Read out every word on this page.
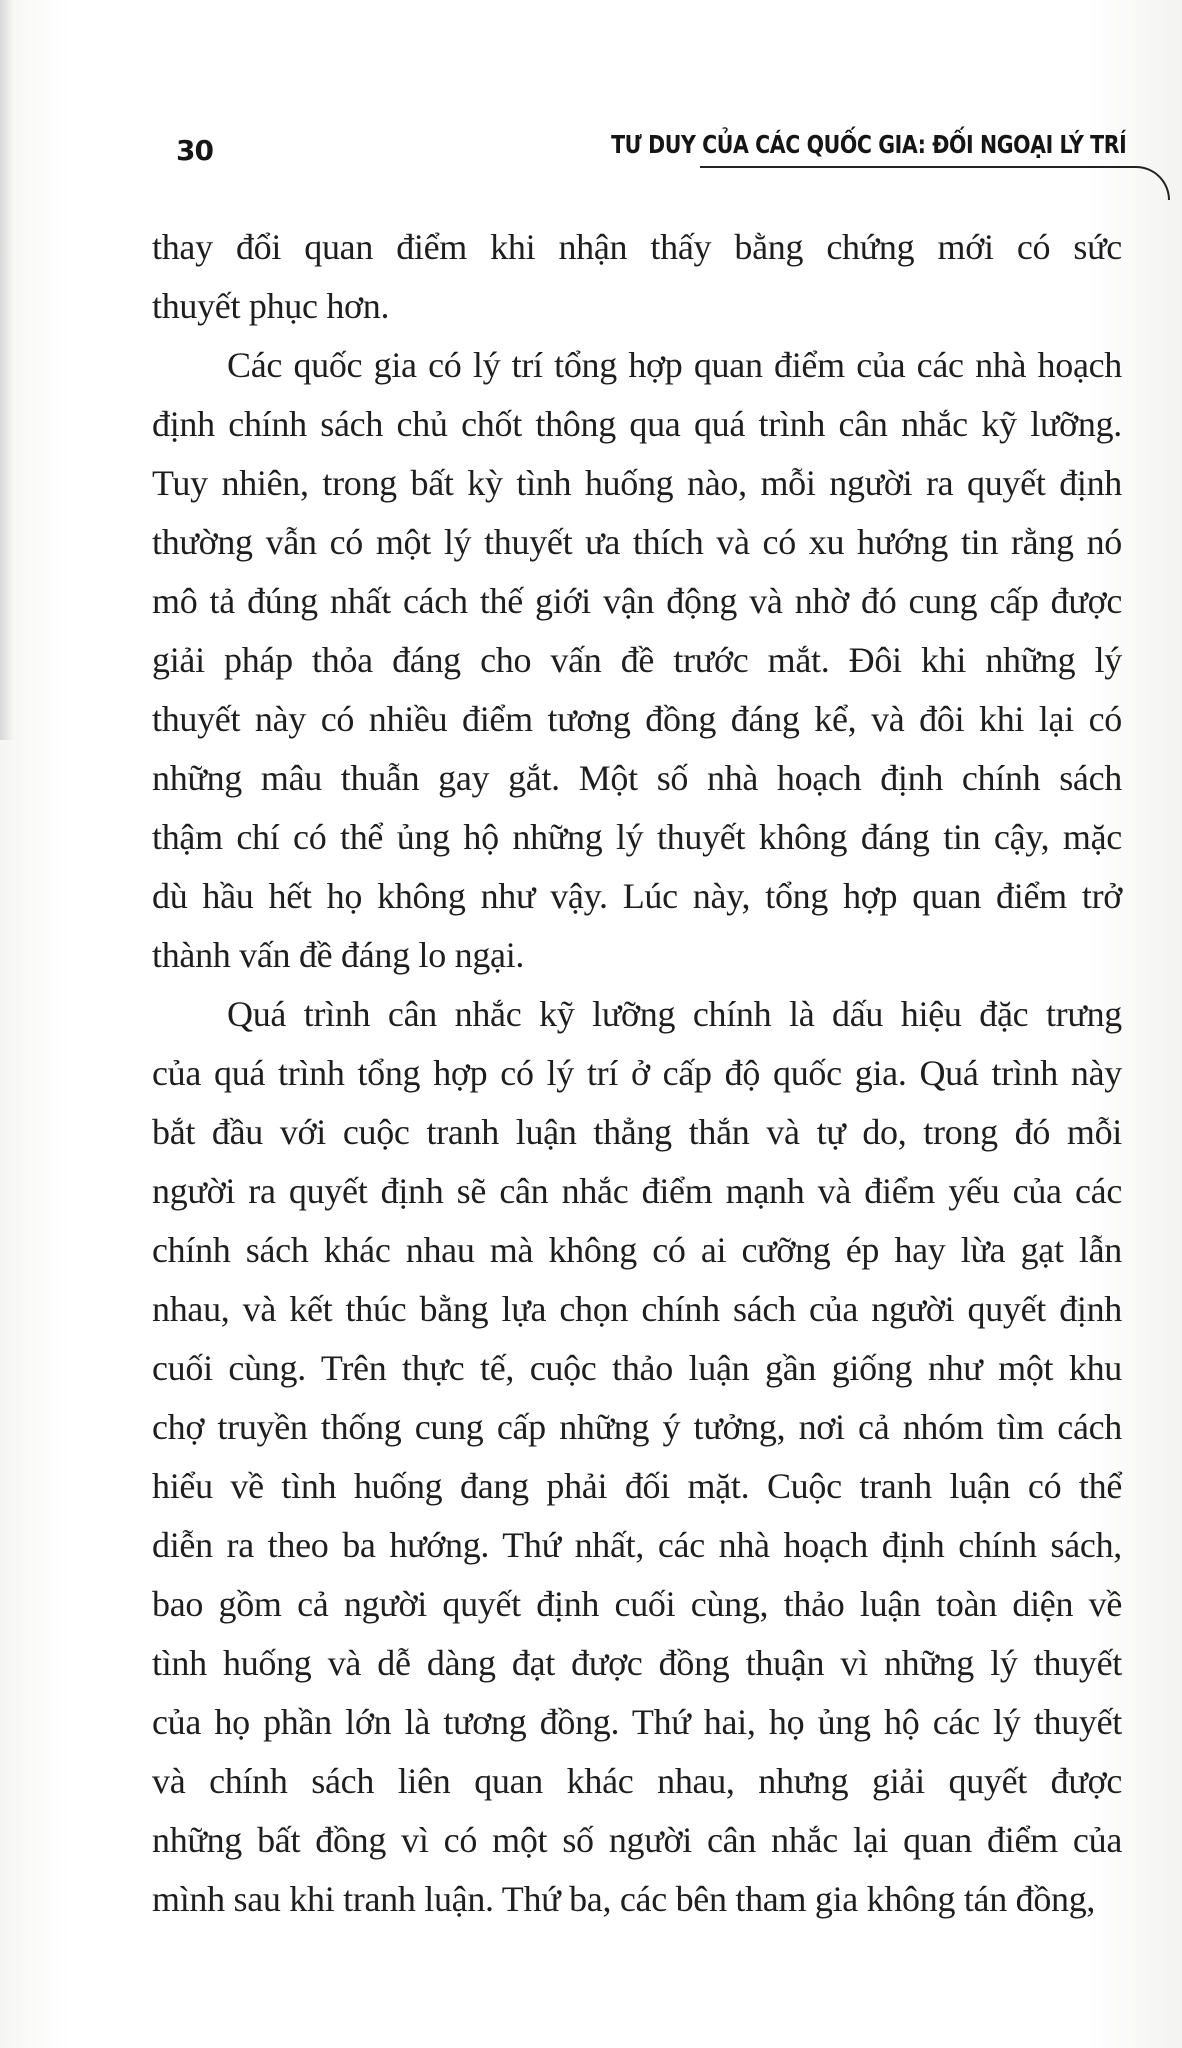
30	TƯ DUY CỦA CÁC QUỐC GIA: ĐỐI NGOẠI LÝ TRÍ
thay đổi quan điểm khi nhận thấy bằng chứng mới có sức
thuyết phục hơn.
Các quốc gia có lý trí tổng hợp quan điểm của các nhà hoạch
định chính sách chủ chốt thông qua quá trình cân nhắc kỹ lưỡng.
Tuy nhiên, trong bất kỳ tình huống nào, mỗi người ra quyết định
thường vẫn có một lý thuyết ưa thích và có xu hướng tin rằng nó
mô tả đúng nhất cách thế giới vận động và nhờ đó cung cấp được
giải pháp thỏa đáng cho vấn đề trước mắt. Đôi khi những lý
thuyết này có nhiều điểm tương đồng đáng kể, và đôi khi lại có
những mâu thuẫn gay gắt. Một số nhà hoạch định chính sách
thậm chí có thể ủng hộ những lý thuyết không đáng tin cậy, mặc
dù hầu hết họ không như vậy. Lúc này, tổng hợp quan điểm trở
thành vấn đề đáng lo ngại.
Quá trình cân nhắc kỹ lưỡng chính là dấu hiệu đặc trưng
của quá trình tổng hợp có lý trí ở cấp độ quốc gia. Quá trình này
bắt đầu với cuộc tranh luận thẳng thắn và tự do, trong đó mỗi
người ra quyết định sẽ cân nhắc điểm mạnh và điểm yếu của các
chính sách khác nhau mà không có ai cưỡng ép hay lừa gạt lẫn
nhau, và kết thúc bằng lựa chọn chính sách của người quyết định
cuối cùng. Trên thực tế, cuộc thảo luận gần giống như một khu
chợ truyền thống cung cấp những ý tưởng, nơi cả nhóm tìm cách
hiểu về tình huống đang phải đối mặt. Cuộc tranh luận có thể
diễn ra theo ba hướng. Thứ nhất, các nhà hoạch định chính sách,
bao gồm cả người quyết định cuối cùng, thảo luận toàn diện về
tình huống và dễ dàng đạt được đồng thuận vì những lý thuyết
của họ phần lớn là tương đồng. Thứ hai, họ ủng hộ các lý thuyết
và chính sách liên quan khác nhau, nhưng giải quyết được
những bất đồng vì có một số người cân nhắc lại quan điểm của
mình sau khi tranh luận. Thứ ba, các bên tham gia không tán đồng,
